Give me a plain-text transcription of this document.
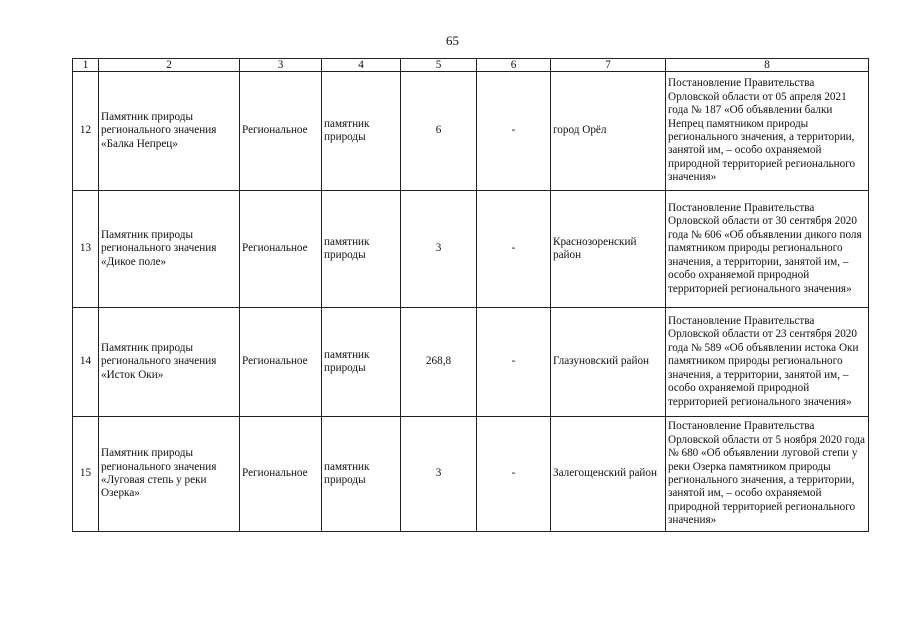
65
1	2	3	4	5	6	7	8
12	Памятник природы регионального значения «Балка Непрец»	Региональное	памятник природы	6	-	город Орёл	Постановление Правительства Орловской области от 05 апреля 2021 года № 187 «Об объявлении балки Непрец памятником природы регионального значения, а территории, занятой им, – особо охраняемой природной территорией регионального значения»
13	Памятник природы регионального значения «Дикое поле»	Региональное	памятник природы	3	-	Краснозоренский район	Постановление Правительства Орловской области от 30 сентября 2020 года № 606 «Об объявлении дикого поля памятником природы регионального значения, а территории, занятой им, – особо охраняемой природной территорией регионального значения»
14	Памятник природы регионального значения «Исток Оки»	Региональное	памятник природы	268,8	-	Глазуновский район	Постановление Правительства Орловской области от 23 сентября 2020 года № 589 «Об объявлении истока Оки памятником природы регионального значения, а территории, занятой им, – особо охраняемой природной территорией регионального значения»
15	Памятник природы регионального значения «Луговая степь у реки Озерка»	Региональное	памятник природы	3	-	Залегощенский район	Постановление Правительства Орловской области от 5 ноября 2020 года № 680 «Об объявлении луговой степи у реки Озерка памятником природы регионального значения, а территории, занятой им, – особо охраняемой природной территорией регионального значения»
